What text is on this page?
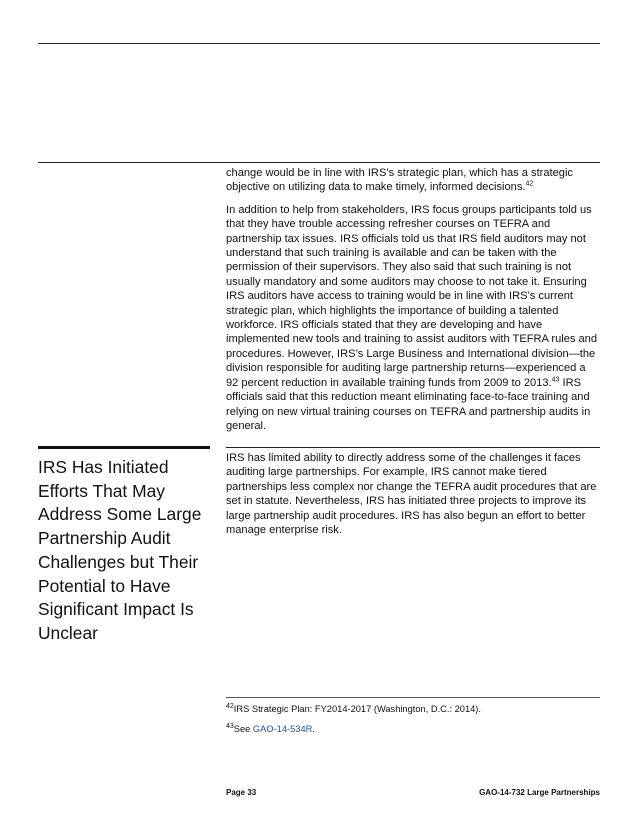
change would be in line with IRS’s strategic plan, which has a strategic objective on utilizing data to make timely, informed decisions.$^{42}$

In addition to help from stakeholders, IRS focus groups participants told us that they have trouble accessing refresher courses on TEFRA and partnership tax issues. IRS officials told us that IRS field auditors may not understand that such training is available and can be taken with the permission of their supervisors. They also said that such training is not usually mandatory and some auditors may choose to not take it. Ensuring IRS auditors have access to training would be in line with IRS’s current strategic plan, which highlights the importance of building a talented workforce. IRS officials stated that they are developing and have implemented new tools and training to assist auditors with TEFRA rules and procedures. However, IRS’s Large Business and International division—the division responsible for auditing large partnership returns—experienced a 92 percent reduction in available training funds from 2009 to 2013.43 IRS officials said that this reduction meant eliminating face-to-face training and relying on new virtual training courses on TEFRA and partnership audits in general.

IRS Has Initiated Efforts That May Address Some Large Partnership Audit Challenges but Their Potential to Have Significant Impact Is Unclear

IRS has limited ability to directly address some of the challenges it faces auditing large partnerships. For example, IRS cannot make tiered partnerships less complex nor change the TEFRA audit procedures that are set in statute. Nevertheless, IRS has initiated three projects to improve its large partnership audit procedures. IRS has also begun an effort to better manage enterprise risk.

$^{42}$IRS Strategic Plan: FY2014-2017 (Washington, D.C.: 2014).
$^{43}$See GAO-14-534R.
Page 33	GAO-14-732 Large Partnerships
